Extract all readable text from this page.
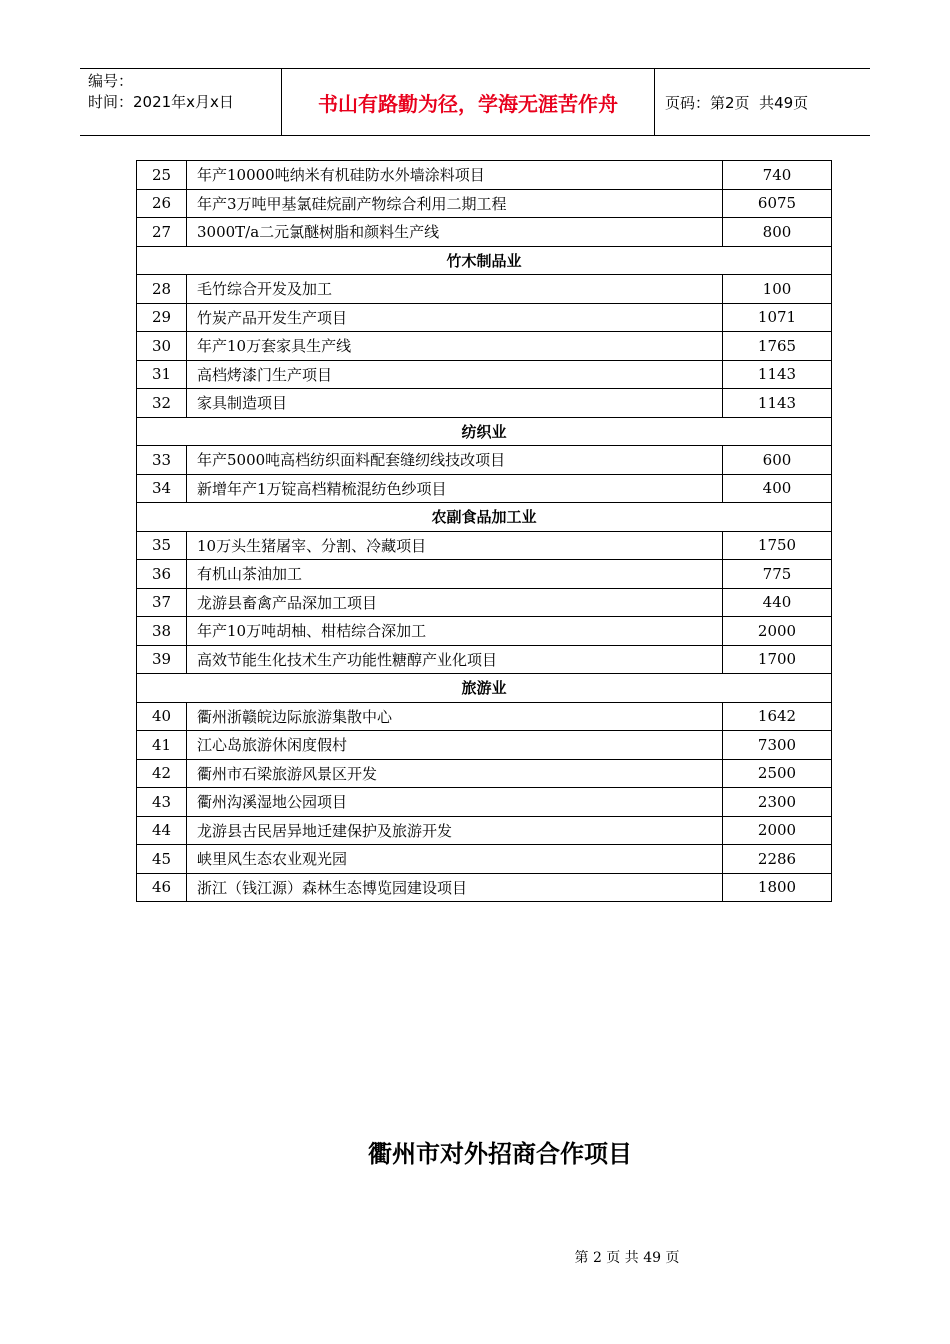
编号：
时间：2021年x月x日	书山有路勤为径，学海无涯苦作舟	页码：第2页  共49页
25	年产10000吨纳米有机硅防水外墙涂料项目	740
26	年产3万吨甲基氯硅烷副产物综合利用二期工程	6075
27	3000T/a二元氯醚树脂和颜料生产线	800
竹木制品业		
28	毛竹综合开发及加工	100
29	竹炭产品开发生产项目	1071
30	年产10万套家具生产线	1765
31	高档烤漆门生产项目	1143
32	家具制造项目	1143
纺织业		
33	年产5000吨高档纺织面料配套缝纫线技改项目	600
34	新增年产1万锭高档精梳混纺色纱项目	400
农副食品加工业		
35	10万头生猪屠宰、分割、冷藏项目	1750
36	有机山茶油加工	775
37	龙游县畜禽产品深加工项目	440
38	年产10万吨胡柚、柑桔综合深加工	2000
39	高效节能生化技术生产功能性糖醇产业化项目	1700
旅游业		
40	衢州浙赣皖边际旅游集散中心	1642
41	江心岛旅游休闲度假村	7300
42	衢州市石梁旅游风景区开发	2500
43	衢州沟溪湿地公园项目	2300
44	龙游县古民居异地迁建保护及旅游开发	2000
45	峡里风生态农业观光园	2286
46	浙江（钱江源）森林生态博览园建设项目	1800
衢州市对外招商合作项目
第 2 页 共 49 页
